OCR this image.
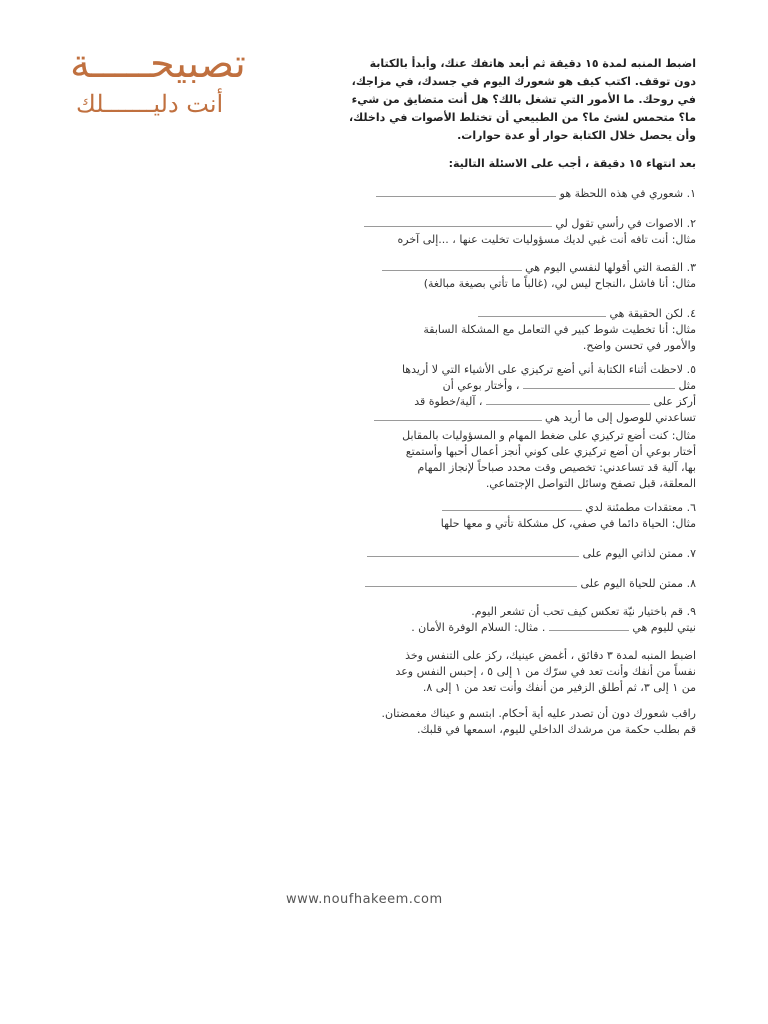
تصبيحـــــة
أنت دليـــــــلك
اضبط المنبه لمدة ١٥ دقيقة ثم أبعد هاتفك عنك، وأبدأ بالكتابة
دون توقف. اكتب كيف هو شعورك اليوم في جسدك، في مزاجك،
في روحك. ما الأمور التي تشغل بالك؟ هل أنت متضايق من شيء
ما؟ متحمس لشئ ما؟ من الطبيعي أن تختلط الأصوات في داخلك،
وأن يحصل خلال الكتابة حوار أو عدة حوارات.
بعد انتهاء ١٥ دقيقة ، أجب على الاسئلة التالية:
١. شعوري في هذه اللحظة هو
٢. الاصوات في رأسي تقول لي
مثال: أنت تافه أنت غبي لديك مسؤوليات تخليت عنها ، ...إلى آخره
٣. القصة التي أقولها لنفسي اليوم هي
مثال: أنا فاشل ،النجاح ليس لي، (غالباً ما تأتي بصيغة مبالغة)
٤. لكن الحقيقة هي
مثال: أنا تخطيت شوط كبير في التعامل مع المشكلة السابقة
والأمور في تحسن واضح.
٥. لاحظت أثناء الكتابة أني أضع تركيزي على الأشياء التي لا أريدها
مثل  ، وأختار بوعي أن
أركز على  ، آلية/خطوة قد
تساعدني للوصول إلى ما أريد هي
مثال: كنت أضع تركيزي على ضغط المهام و المسؤوليات بالمقابل
أختار بوعي أن أضع تركيزي على كوني أنجز أعمال أحبها وأستمتع
بها، آلية قد تساعدني: تخصيص وقت محدد صباحاً لإنجاز المهام
المعلقة، قبل تصفح وسائل التواصل الإجتماعي.
٦. معتقدات مطمئنة لدي
مثال: الحياة دائما في صفي، كل مشكلة تأتي و معها حلها
٧. ممتن لذاتي اليوم على
٨. ممتن للحياة اليوم على
٩. قم باختيار نيّة تعكس كيف تحب أن تشعر اليوم.
نيتي لليوم هي  . مثال: السلام الوفرة الأمان .
اضبط المنبه لمدة ٣ دقائق ، أغمض عينيك، ركز على التنفس وخذ
نفساً من أنفك وأنت تعد في سرّك من ١ إلى ٥ ، إحبس النفس وعد
من ١ إلى ٣، ثم أطلق الزفير من أنفك وأنت تعد من ١ إلى ٨.
راقب شعورك دون أن تصدر عليه أية أحكام. ابتسم و عيناك مغمضتان.
قم بطلب حكمة من مرشدك الداخلي لليوم، اسمعها في قلبك.
www.noufhakeem.com
